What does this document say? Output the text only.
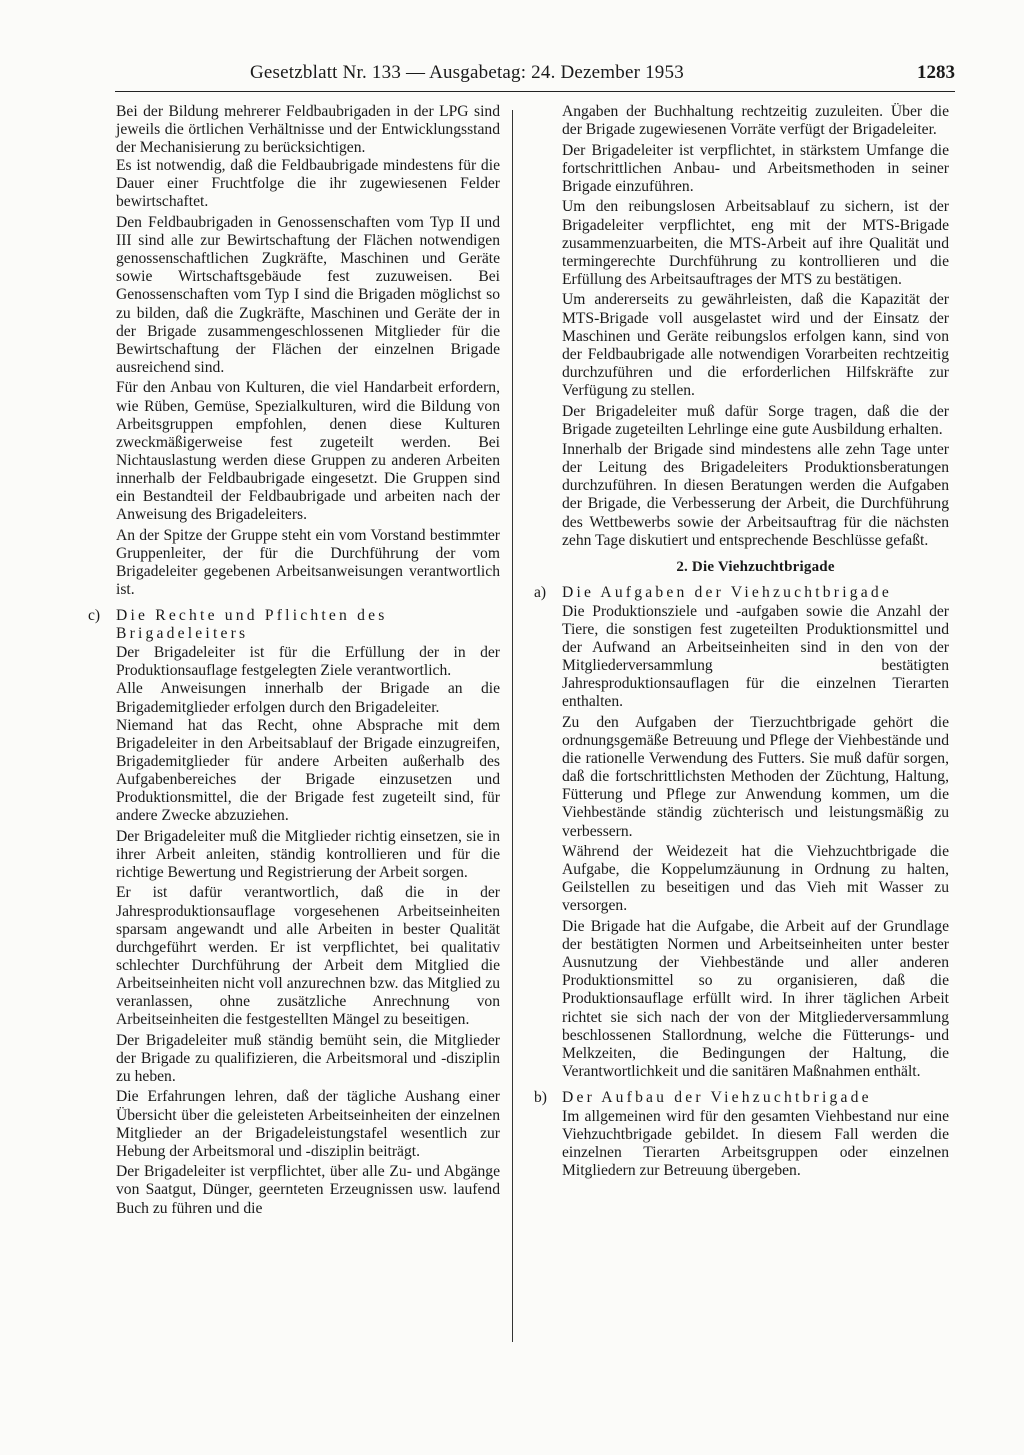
Gesetzblatt Nr. 133 — Ausgabetag: 24. Dezember 1953	1283

Bei der Bildung mehrerer Feldbaubrigaden in der LPG sind jeweils die örtlichen Verhältnisse und der Entwicklungsstand der Mechanisierung zu berücksichtigen.

Es ist notwendig, daß die Feldbaubrigade mindestens für die Dauer einer Fruchtfolge die ihr zugewiesenen Felder bewirtschaftet.

Den Feldbaubrigaden in Genossenschaften vom Typ II und III sind alle zur Bewirtschaftung der Flächen notwendigen genossenschaftlichen Zugkräfte, Maschinen und Geräte sowie Wirtschaftsgebäude fest zuzuweisen. Bei Genossenschaften vom Typ I sind die Brigaden möglichst so zu bilden, daß die Zugkräfte, Maschinen und Geräte der in der Brigade zusammengeschlossenen Mitglieder für die Bewirtschaftung der Flächen der einzelnen Brigade ausreichend sind.

Für den Anbau von Kulturen, die viel Handarbeit erfordern, wie Rüben, Gemüse, Spezialkulturen, wird die Bildung von Arbeitsgruppen empfohlen, denen diese Kulturen zweckmäßigerweise fest zugeteilt werden. Bei Nichtauslastung werden diese Gruppen zu anderen Arbeiten innerhalb der Feldbaubrigade eingesetzt. Die Gruppen sind ein Bestandteil der Feldbaubrigade und arbeiten nach der Anweisung des Brigadeleiters.

An der Spitze der Gruppe steht ein vom Vorstand bestimmter Gruppenleiter, der für die Durchführung der vom Brigadeleiter gegebenen Arbeitsanweisungen verantwortlich ist.

c) Die Rechte und Pflichten des Brigadeleiters

Der Brigadeleiter ist für die Erfüllung der in der Produktionsauflage festgelegten Ziele verantwortlich.

Alle Anweisungen innerhalb der Brigade an die Brigademitglieder erfolgen durch den Brigadeleiter.

Niemand hat das Recht, ohne Absprache mit dem Brigadeleiter in den Arbeitsablauf der Brigade einzugreifen, Brigademitglieder für andere Arbeiten außerhalb des Aufgabenbereiches der Brigade einzusetzen und Produktionsmittel, die der Brigade fest zugeteilt sind, für andere Zwecke abzuziehen.

Der Brigadeleiter muß die Mitglieder richtig einsetzen, sie in ihrer Arbeit anleiten, ständig kontrollieren und für die richtige Bewertung und Registrierung der Arbeit sorgen.

Er ist dafür verantwortlich, daß die in der Jahresproduktionsauflage vorgesehenen Arbeitseinheiten sparsam angewandt und alle Arbeiten in bester Qualität durchgeführt werden. Er ist verpflichtet, bei qualitativ schlechter Durchführung der Arbeit dem Mitglied die Arbeitseinheiten nicht voll anzurechnen bzw. das Mitglied zu veranlassen, ohne zusätzliche Anrechnung von Arbeitseinheiten die festgestellten Mängel zu beseitigen.

Der Brigadeleiter muß ständig bemüht sein, die Mitglieder der Brigade zu qualifizieren, die Arbeitsmoral und -disziplin zu heben.

Die Erfahrungen lehren, daß der tägliche Aushang einer Übersicht über die geleisteten Arbeitseinheiten der einzelnen Mitglieder an der Brigadeleistungstafel wesentlich zur Hebung der Arbeitsmoral und -disziplin beiträgt.

Der Brigadeleiter ist verpflichtet, über alle Zu- und Abgänge von Saatgut, Dünger, geernteten Erzeugnissen usw. laufend Buch zu führen und die

Angaben der Buchhaltung rechtzeitig zuzuleiten. Über die der Brigade zugewiesenen Vorräte verfügt der Brigadeleiter.

Der Brigadeleiter ist verpflichtet, in stärkstem Umfange die fortschrittlichen Anbau- und Arbeitsmethoden in seiner Brigade einzuführen.

Um den reibungslosen Arbeitsablauf zu sichern, ist der Brigadeleiter verpflichtet, eng mit der MTS-Brigade zusammenzuarbeiten, die MTS-Arbeit auf ihre Qualität und termingerechte Durchführung zu kontrollieren und die Erfüllung des Arbeitsauftrages der MTS zu bestätigen.

Um andererseits zu gewährleisten, daß die Kapazität der MTS-Brigade voll ausgelastet wird und der Einsatz der Maschinen und Geräte reibungslos erfolgen kann, sind von der Feldbaubrigade alle notwendigen Vorarbeiten rechtzeitig durchzuführen und die erforderlichen Hilfskräfte zur Verfügung zu stellen.

Der Brigadeleiter muß dafür Sorge tragen, daß die der Brigade zugeteilten Lehrlinge eine gute Ausbildung erhalten.

Innerhalb der Brigade sind mindestens alle zehn Tage unter der Leitung des Brigadeleiters Produktionsberatungen durchzuführen. In diesen Beratungen werden die Aufgaben der Brigade, die Verbesserung der Arbeit, die Durchführung des Wettbewerbs sowie der Arbeitsauftrag für die nächsten zehn Tage diskutiert und entsprechende Beschlüsse gefaßt.

2. Die Viehzuchtbrigade
a) Die Aufgaben der Viehzuchtbrigade

Die Produktionsziele und -aufgaben sowie die Anzahl der Tiere, die sonstigen fest zugeteilten Produktionsmittel und der Aufwand an Arbeitseinheiten sind in den von der Mitgliederversammlung bestätigten Jahresproduktionsauflagen für die einzelnen Tierarten enthalten.

Zu den Aufgaben der Tierzuchtbrigade gehört die ordnungsgemäße Betreuung und Pflege der Viehbestände und die rationelle Verwendung des Futters. Sie muß dafür sorgen, daß die fortschrittlichsten Methoden der Züchtung, Haltung, Fütterung und Pflege zur Anwendung kommen, um die Viehbestände ständig züchterisch und leistungsmäßig zu verbessern.

Während der Weidezeit hat die Viehzuchtbrigade die Aufgabe, die Koppelumzäunung in Ordnung zu halten, Geilstellen zu beseitigen und das Vieh mit Wasser zu versorgen.

Die Brigade hat die Aufgabe, die Arbeit auf der Grundlage der bestätigten Normen und Arbeitseinheiten unter bester Ausnutzung der Viehbestände und aller anderen Produktionsmittel so zu organisieren, daß die Produktionsauflage erfüllt wird. In ihrer täglichen Arbeit richtet sie sich nach der von der Mitgliederversammlung beschlossenen Stallordnung, welche die Fütterungs- und Melkzeiten, die Bedingungen der Haltung, die Verantwortlichkeit und die sanitären Maßnahmen enthält.

b) Der Aufbau der Viehzuchtbrigade

Im allgemeinen wird für den gesamten Viehbestand nur eine Viehzuchtbrigade gebildet. In diesem Fall werden die einzelnen Tierarten Arbeitsgruppen oder einzelnen Mitgliedern zur Betreuung übergeben.
